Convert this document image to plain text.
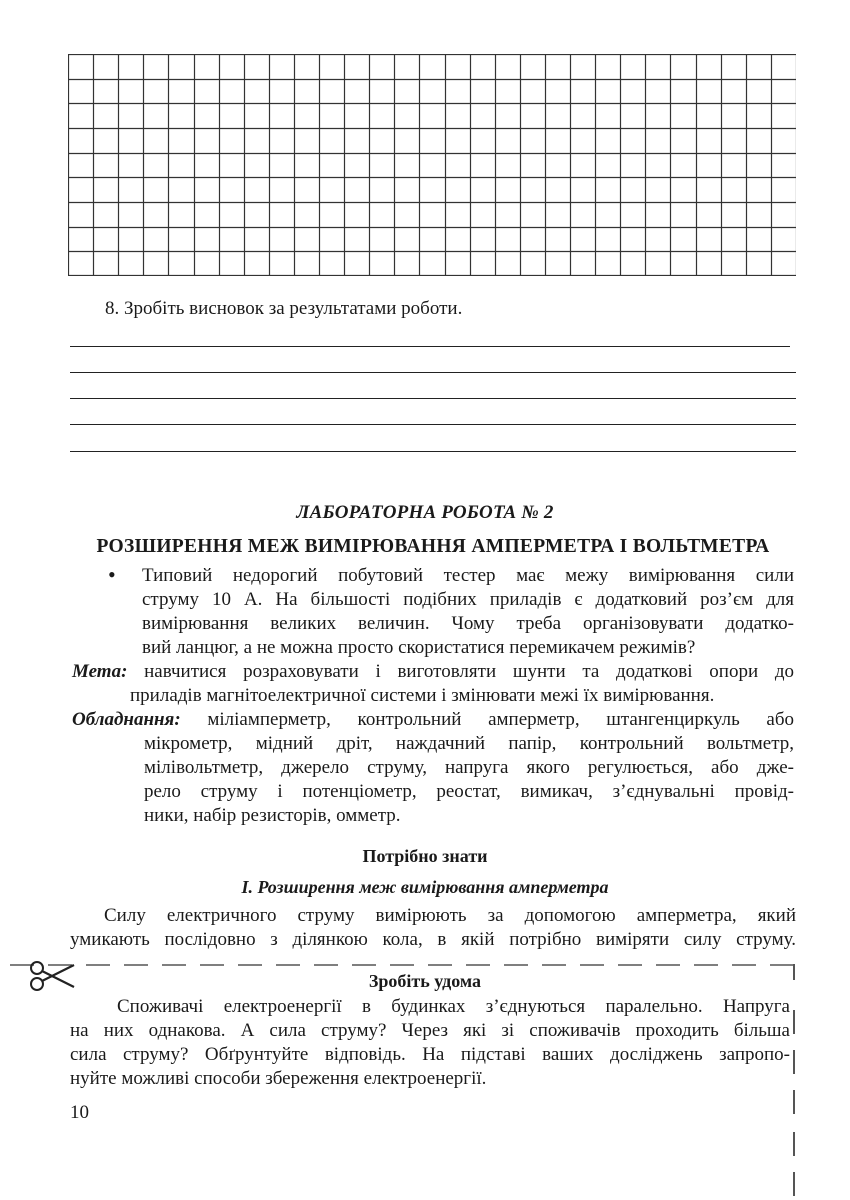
8. Зробіть висновок за результатами роботи.
ЛАБОРАТОРНА РОБОТА № 2
РОЗШИРЕННЯ МЕЖ ВИМІРЮВАННЯ АМПЕРМЕТРА І ВОЛЬТМЕТРА
• Типовий недорогий побутовий тестер має межу вимірювання сили
струму 10 А. На більшості подібних приладів є додатковий роз’єм для
вимірювання великих величин. Чому треба організовувати додатко-
вий ланцюг, а не можна просто скористатися перемикачем режимів?
Мета: навчитися розраховувати і виготовляти шунти та додаткові опори до
приладів магнітоелектричної системи і змінювати межі їх вимірювання.
Обладнання: міліамперметр, контрольний амперметр, штангенциркуль або
мікрометр, мідний дріт, наждачний папір, контрольний вольтметр,
мілівольтметр, джерело струму, напруга якого регулюється, або дже-
рело струму і потенціометр, реостат, вимикач, з’єднувальні провід-
ники, набір резисторів, омметр.
Потрібно знати
I. Розширення меж вимірювання амперметра
Силу електричного струму вимірюють за допомогою амперметра, який
умикають послідовно з ділянкою кола, в якій потрібно виміряти силу струму.
Зробіть удома
Споживачі електроенергії в будинках з’єднуються паралельно. Напруга
на них однакова. А сила струму? Через які зі споживачів проходить більша
сила струму? Обґрунтуйте відповідь. На підставі ваших досліджень запропо-
нуйте можливі способи збереження електроенергії.
10
